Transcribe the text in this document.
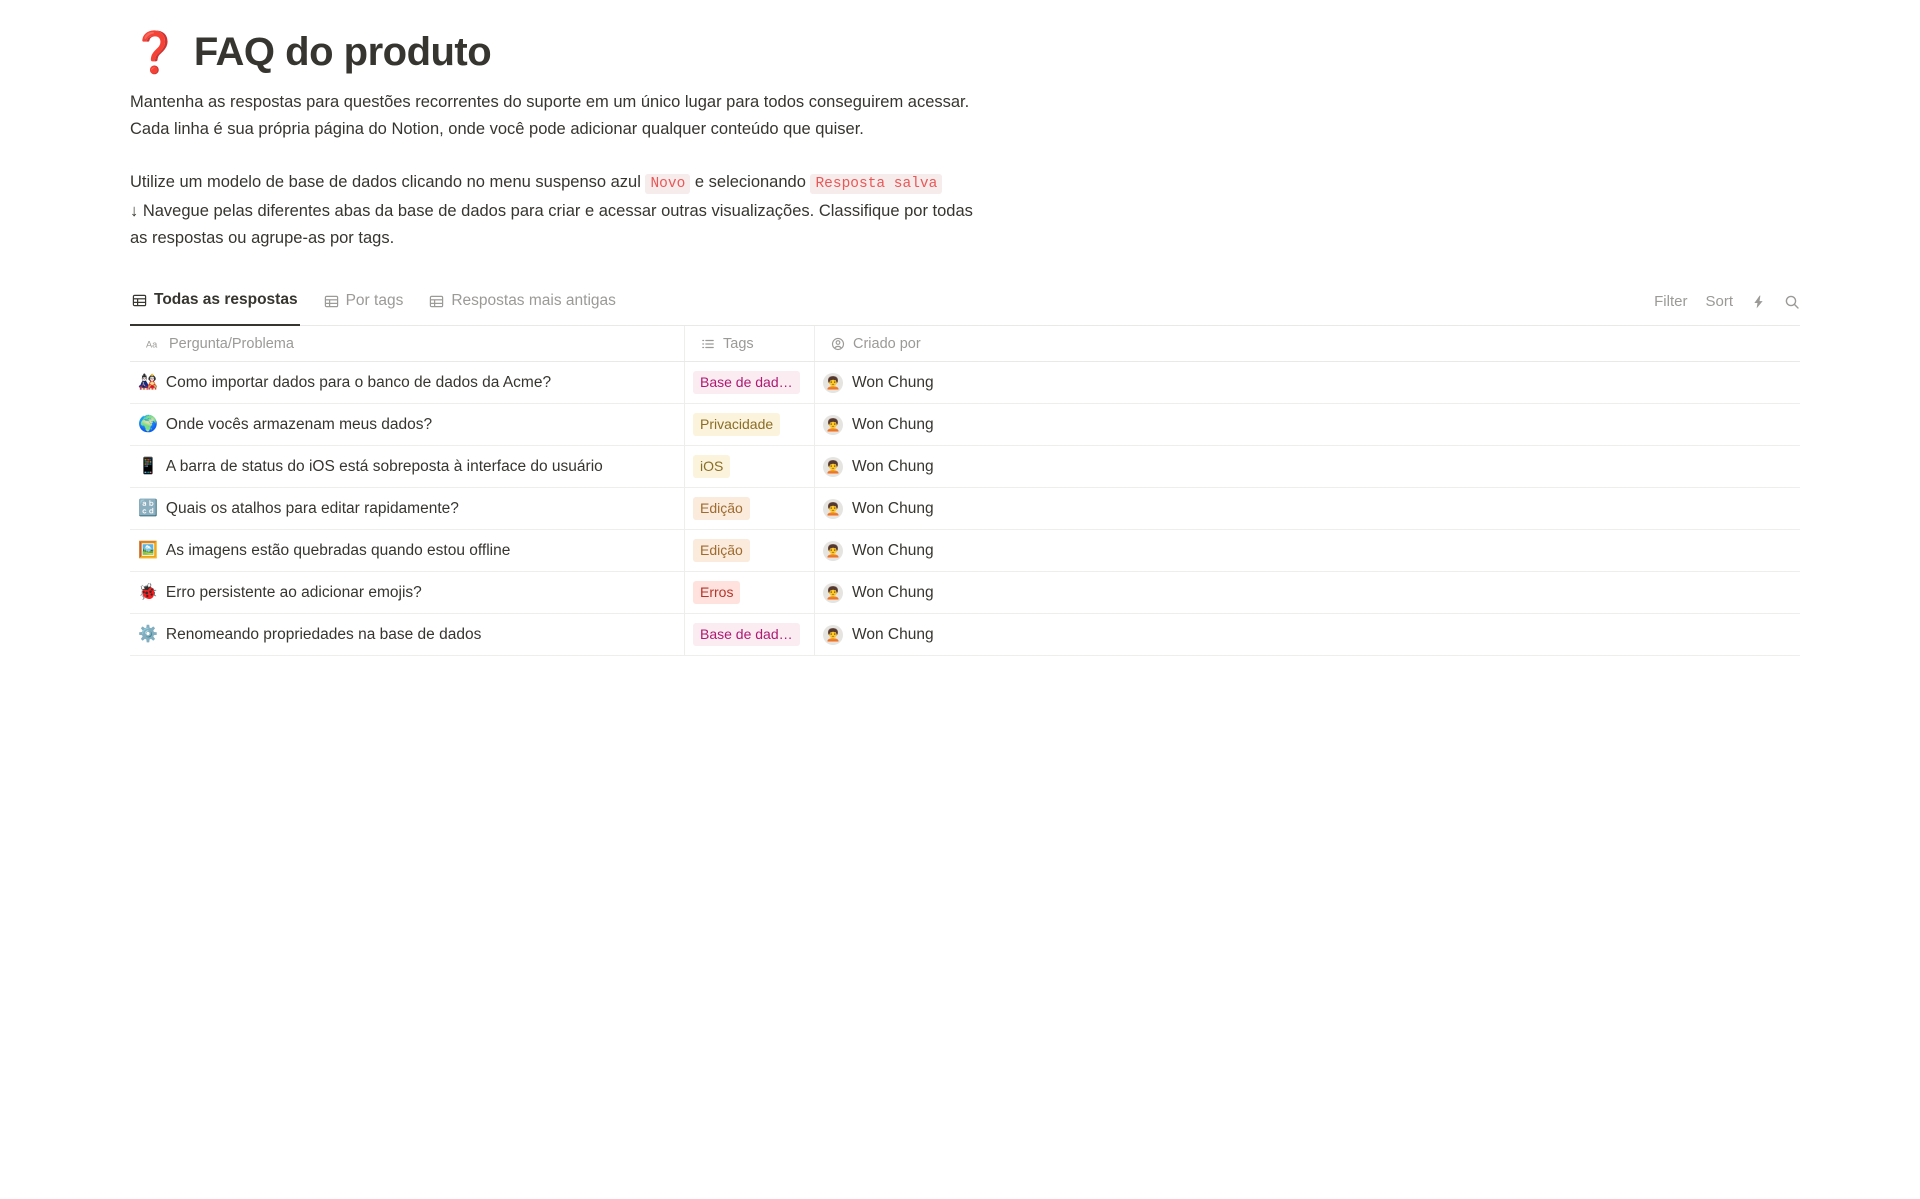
❓ FAQ do produto
Mantenha as respostas para questões recorrentes do suporte em um único lugar para todos conseguirem acessar.
Cada linha é sua própria página do Notion, onde você pode adicionar qualquer conteúdo que quiser.
Utilize um modelo de base de dados clicando no menu suspenso azul Novo e selecionando Resposta salva
↓ Navegue pelas diferentes abas da base de dados para criar e acessar outras visualizações. Classifique por todas
as respostas ou agrupe-as por tags.
Todas as respostas	Por tags	Respostas mais antigas	Filter Sort
Aa Pergunta/Problema	Tags	Criado por
🎎 Como importar dados para o banco de dados da Acme?	Base de dad…	🧑‍🦱 Won Chung
🌍 Onde vocês armazenam meus dados?	Privacidade	🧑‍🦱 Won Chung
📱 A barra de status do iOS está sobreposta à interface do usuário	iOS	🧑‍🦱 Won Chung
🔡 Quais os atalhos para editar rapidamente?	Edição	🧑‍🦱 Won Chung
🖼️ As imagens estão quebradas quando estou offline	Edição	🧑‍🦱 Won Chung
🐞 Erro persistente ao adicionar emojis?	Erros	🧑‍🦱 Won Chung
⚙️ Renomeando propriedades na base de dados	Base de dad…	🧑‍🦱 Won Chung
